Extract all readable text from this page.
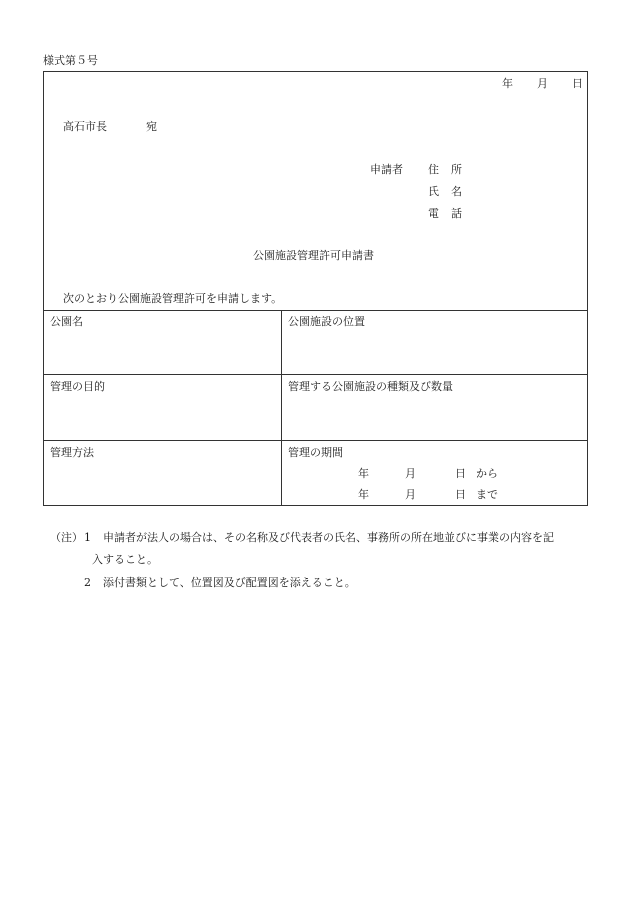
様式第５号
年 月 日
高石市長	宛
申請者 住 所
氏 名
電 話
公園施設管理許可申請書
次のとおり公園施設管理許可を申請します。
公園名	公園施設の位置
管理の目的	管理する公園施設の種類及び数量
管理方法	管理の期間
年	月	日 から
年	月	日 まで
（注） 1 申請者が法人の場合は、その名称及び代表者の氏名、事務所の所在地並びに事業の内容を記
入すること。
2 添付書類として、位置図及び配置図を添えること。
